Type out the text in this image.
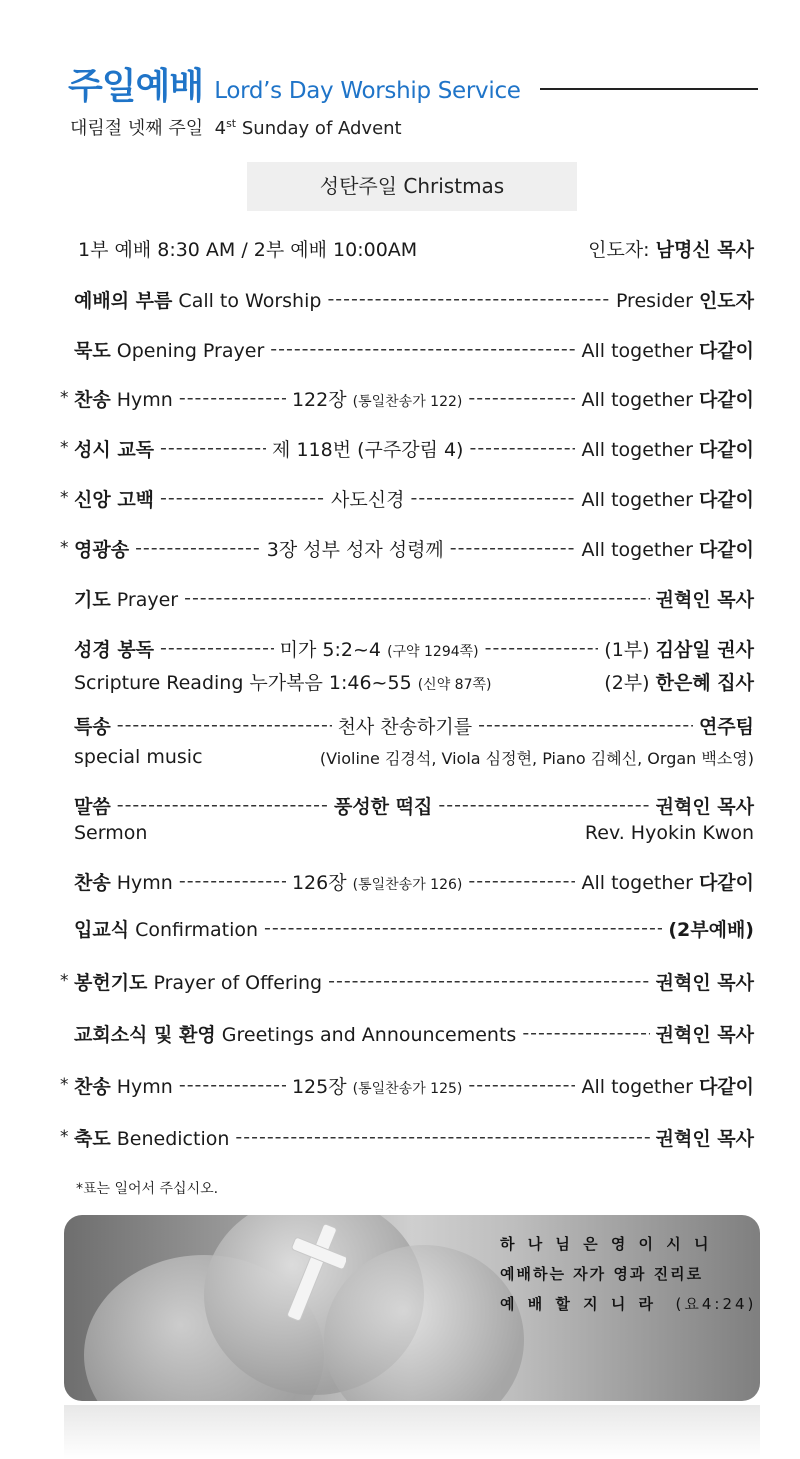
주일예배 Lord’s Day Worship Service
대림절 넷째 주일 4st Sunday of Advent
성탄주일 Christmas
1부 예배 8:30 AM / 2부 예배 10:00AM	인도자: 남명신 목사
예배의 부름 Call to Worship -----	Presider 인도자
묵도 Opening Prayer -----	All together 다같이
* 찬송 Hymn -----	122장 (통일찬송가 122) -----	All together 다같이
* 성시 교독 -----	제 118번 (구주강림 4) -----	All together 다같이
* 신앙 고백 -----	사도신경 -----	All together 다같이
* 영광송 -----	3장 성부 성자 성령께 -----	All together 다같이
기도 Prayer -----	권혁인 목사
성경 봉독 -----	미가 5:2~4 (구약 1294쪽) -----	(1부) 김삼일 권사
Scripture Reading 누가복음 1:46~55 (신약 87쪽)	(2부) 한은혜 집사
특송 -----	천사 찬송하기를 -----	연주팀
special music	(Violine 김경석, Viola 심정현, Piano 김혜신, Organ 백소영)
말씀 -----	풍성한 떡집 -----	권혁인 목사
Sermon	Rev. Hyokin Kwon
찬송 Hymn -----	126장 (통일찬송가 126) -----	All together 다같이
입교식 Confirmation -----	(2부예배)
* 봉헌기도 Prayer of Offering -----	권혁인 목사
교회소식 및 환영 Greetings and Announcements -----	권혁인 목사
* 찬송 Hymn -----	125장 (통일찬송가 125) -----	All together 다같이
* 축도 Benediction -----	권혁인 목사
*표는 일어서 주십시오.
하 나 님 은 영 이 시 니
예배하는 자가 영과 진리로
예 배 할 지 니 라 (요4:24)
